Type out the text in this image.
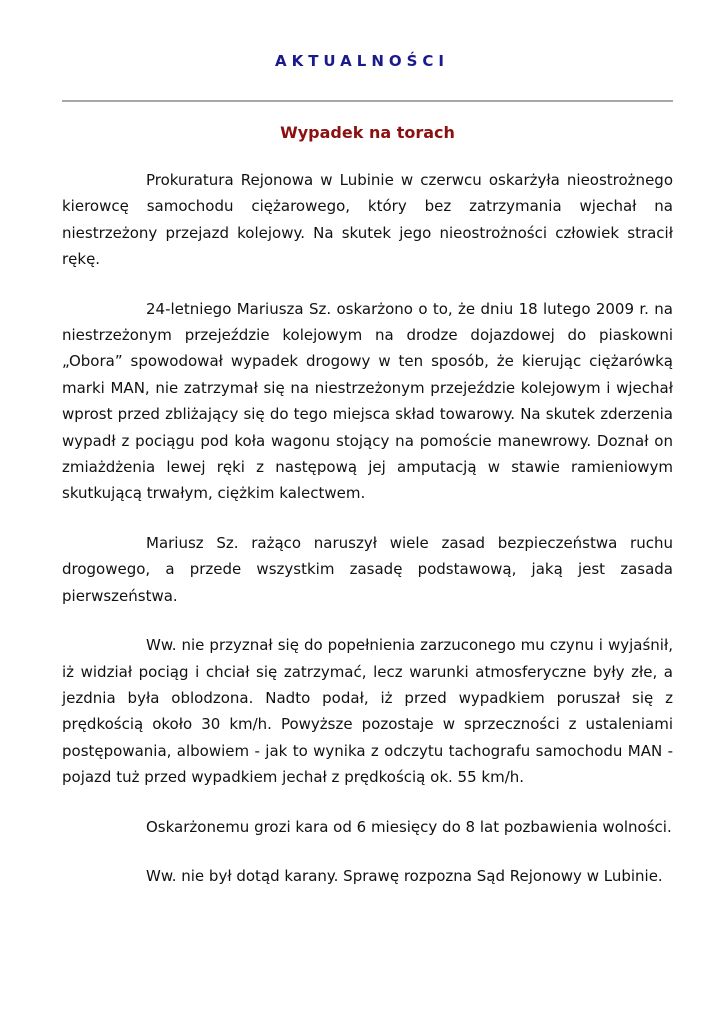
AKTUALNOŚCI
Wypadek na torach

Prokuratura Rejonowa w Lubinie w czerwcu oskarżyła nieostrożnego kierowcę samochodu ciężarowego, który bez zatrzymania wjechał na niestrzeżony przejazd kolejowy. Na skutek jego nieostrożności człowiek stracił rękę.

24-letniego Mariusza Sz. oskarżono o to, że dniu 18 lutego 2009 r. na niestrzeżonym przejeździe kolejowym na drodze dojazdowej do piaskowni „Obora” spowodował wypadek drogowy w ten sposób, że kierując ciężarówką marki MAN, nie zatrzymał się na niestrzeżonym przejeździe kolejowym i wjechał wprost przed zbliżający się do tego miejsca skład towarowy. Na skutek zderzenia wypadł z pociągu pod koła wagonu stojący na pomoście manewrowy. Doznał on zmiażdżenia lewej ręki z następową jej amputacją w stawie ramieniowym skutkującą trwałym, ciężkim kalectwem.

Mariusz Sz. rażąco naruszył wiele zasad bezpieczeństwa ruchu drogowego, a przede wszystkim zasadę podstawową, jaką jest zasada pierwszeństwa.

Ww. nie przyznał się do popełnienia zarzuconego mu czynu i wyjaśnił, iż widział pociąg i chciał się zatrzymać, lecz warunki atmosferyczne były złe, a jezdnia była oblodzona. Nadto podał, iż przed wypadkiem poruszał się z prędkością około 30 km/h. Powyższe pozostaje w sprzeczności z ustaleniami postępowania, albowiem - jak to wynika z odczytu tachografu samochodu MAN - pojazd tuż przed wypadkiem jechał z prędkością ok. 55 km/h.

Oskarżonemu grozi kara od 6 miesięcy do 8 lat pozbawienia wolności.

Ww. nie był dotąd karany. Sprawę rozpozna Sąd Rejonowy w Lubinie.
